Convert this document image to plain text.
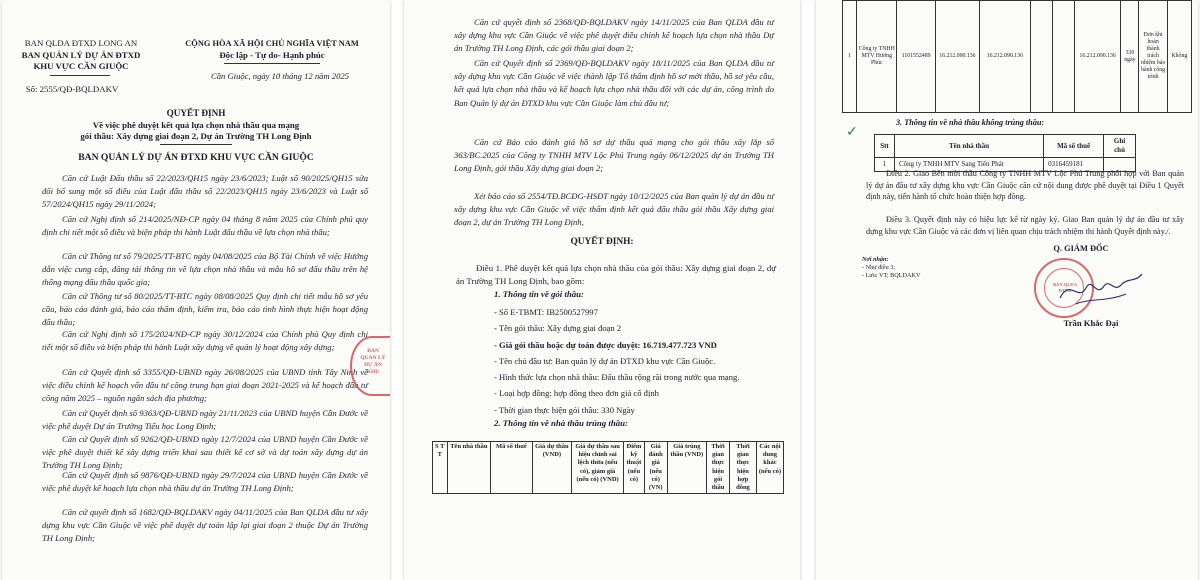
BAN QLDA ĐTXD LONG AN
BAN QUẢN LÝ DỰ ÁN ĐTXD
KHU VỰC CẦN GIUỘC
CỘNG HÒA XÃ HỘI CHỦ NGHĨA VIỆT NAM
Độc lập - Tự do- Hạnh phúc
Số: 2555/QĐ-BQLDAKV
Cần Giuộc, ngày 10 tháng 12 năm 2025
QUYẾT ĐỊNH
Về việc phê duyệt kết quả lựa chọn nhà thầu qua mạng
gói thầu: Xây dựng giai đoạn 2, Dự án Trường TH Long Định
BAN QUẢN LÝ DỰ ÁN ĐTXD KHU VỰC CẦN GIUỘC
Căn cứ Luật Đấu thầu số 22/2023/QH15 ngày 23/6/2023; Luật số 90/2025/QH15 sửa đổi bổ sung một số điều của Luật đấu thầu số 22/2023/QH15 ngày 23/6/2023 và Luật số 57/2024/QH15 ngày 29/11/2024;
Căn cứ Nghị định số 214/2025/NĐ-CP ngày 04 tháng 8 năm 2025 của Chính phủ quy định chi tiết một số điều và biện pháp thi hành Luật đấu thầu về lựa chọn nhà thầu;
Căn cứ Thông tư số 79/2025/TT-BTC ngày 04/08/2025 của Bộ Tài Chính về việc Hướng dẫn việc cung cấp, đăng tải thông tin về lựa chọn nhà thầu và mẫu hồ sơ đấu thầu trên hệ thống mạng đấu thầu quốc gia;
Căn cứ Thông tư số 80/2025/TT-BTC ngày 08/08/2025 Quy định chi tiết mẫu hồ sơ yêu cầu, báo cáo đánh giá, báo cáo thẩm định, kiểm tra, báo cáo tình hình thực hiện hoạt động đấu thầu;
Căn cứ Nghị định số 175/2024/NĐ-CP ngày 30/12/2024 của Chính phủ Quy định chi tiết một số điều và biện pháp thi hành Luật xây dựng về quản lý hoạt động xây dựng;
Căn cứ Quyết định số 3355/QĐ-UBND ngày 26/08/2025 của UBND tỉnh Tây Ninh về việc điều chỉnh kế hoạch vốn đầu tư công trung hạn giai đoạn 2021-2025 và kế hoạch đầu tư công năm 2025 – nguồn ngân sách địa phương;
Căn cứ Quyết định số 9363/QĐ-UBND ngày 21/11/2023 của UBND huyện Cần Đước về việc phê duyệt Dự án Trường Tiểu học Long Định;
Căn cứ Quyết định số 9262/QĐ-UBND ngày 12/7/2024 của UBND huyện Cần Đước về việc phê duyệt thiết kế xây dựng triển khai sau thiết kế cơ sở và dự toán xây dựng dự án Trường TH Long Định;
Căn cứ Quyết định số 9876/QĐ-UBND ngày 29/7/2024 của UBND huyện Cần Đước về việc phê duyệt kế hoạch lựa chọn nhà thầu dự án Trường TH Long Định;
Căn cứ quyết định số 1682/QĐ-BQLDAKV ngày 04/11/2025 của Ban QLDA đầu tư xây dựng khu vực Cần Giuộc về việc phê duyệt dự toán lập lại giai đoạn 2 thuộc Dự án Trường TH Long Định;
BAN
QUẢN LÝ
DỰ ÁN
KHU
Căn cứ quyết định số 2368/QĐ-BQLDAKV ngày 14/11/2025 của Ban QLDA đầu tư xây dựng khu vực Cần Giuộc về việc phê duyệt điều chỉnh kế hoạch lựa chọn nhà thầu Dự án Trường TH Long Định, các gói thầu giai đoạn 2;
Căn cứ Quyết định số 2369/QĐ-BQLDAKV ngày 18/11/2025 của Ban QLDA đầu tư xây dựng khu vực Cần Giuộc về việc thành lập Tổ thẩm định hồ sơ mời thầu, hồ sơ yêu cầu, kết quả lựa chọn nhà thầu và kế hoạch lựa chọn nhà thầu đối với các dự án, công trình do Ban Quản lý dự án ĐTXD khu vực Cần Giuộc làm chủ đầu tư;
Căn cứ Báo cáo đánh giá hồ sơ dự thầu quả mạng cho gói thầu xây lắp số 363/BC.2025 của Công ty TNHH MTV Lộc Phú Trung ngày 06/12/2025 dự án Trường TH Long Định, gói thầu Xây dựng giai đoạn 2;
Xét báo cáo số 2554/TĐ.BCĐG-HSĐT ngày 10/12/2025 của Ban quản lý dự án đầu tư xây dựng khu vực Cần Giuộc về việc thẩm định kết quả đấu thầu gói thầu Xây dựng giai đoạn 2, dự án Trường TH Long Định,
QUYẾT ĐỊNH:
Điều 1. Phê duyệt kết quả lựa chọn nhà thầu của gói thầu: Xây dựng giai đoạn 2, dự án Trường TH Long Định, bao gồm:
1. Thông tin về gói thầu:
- Số E-TBMT: IB2500527997
- Tên gói thầu: Xây dựng giai đoạn 2
- Giá gói thầu hoặc dự toán được duyệt: 16.719.477.723 VND
- Tên chủ đầu tư: Ban quản lý dự án ĐTXD khu vực Cần Giuộc.
- Hình thức lựa chọn nhà thầu: Đấu thầu rộng rãi trong nước qua mạng.
- Loại hợp đồng: hợp đồng theo đơn giá cố định
- Thời gian thực hiện gói thầu: 330 Ngày
2. Thông tin về nhà thầu trúng thầu:
S T T	Tên nhà thầu	Mã số thuế	Giá dự thầu (VND)	Giá dự thầu sau hiệu chỉnh sai lệch thừa (nếu có), giảm giá (nếu có) (VND)	Điểm kỹ thuật (nếu có)	Giá đánh giá (nếu có) (VN)	Giá trúng thầu (VND)	Thời gian thực hiện gói thầu	Thời gian thực hiện hợp đồng	Các nội dung khác (nếu có)
1	Công ty TNHH MTV Hương Phúc	1101552489	16.212.090.136	16.212.090.136			16.212.090.136	330 ngày	Đơn khi hoàn thành trách nhiệm bảo hành công trình	Không
3. Thông tin về nhà thầu không trúng thầu:
✓
Stt	Tên nhà thầu	Mã số thuế	Ghi chú
1	Công ty TNHH MTV Sang Tiến Phát	0316459181	
Điều 2. Giao Bên mời thầu Công ty TNHH MTV Lộc Phú Trung phối hợp với Ban quản lý dự án đầu tư xây dựng khu vực Cần Giuộc căn cứ nội dung được phê duyệt tại Điều 1 Quyết định này, tiến hành tổ chức hoàn thiện hợp đồng.
Điều 3. Quyết định này có hiệu lực kể từ ngày ký. Giao Ban quản lý dự án đầu tư xây dựng khu vực Cần Giuộc và các đơn vị liên quan chịu trách nhiệm thi hành Quyết định này./.
Q. GIÁM ĐỐC
Nơi nhận:
- Như điều 3;
- Lưu: VT; BQLDAKV
BAN QLDA ĐTXD
Trần Khắc Đại
